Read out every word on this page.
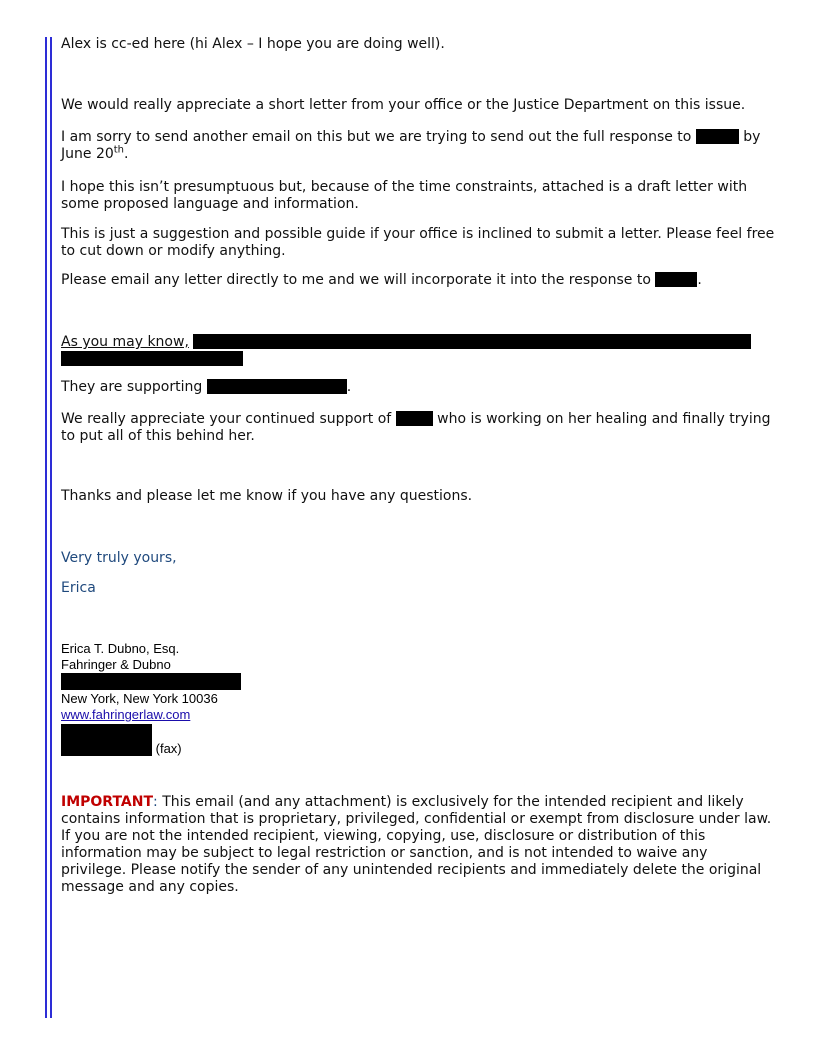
Alex is cc-ed here (hi Alex – I hope you are doing well).

We would really appreciate a short letter from your office or the Justice Department on this issue.

I am sorry to send another email on this but we are trying to send out the full response to	by
June 20th.

I hope this isn’t presumptuous but, because of the time constraints, attached is a draft letter with some proposed language and information.

This is just a suggestion and possible guide if your office is inclined to submit a letter. Please feel free to cut down or modify anything.

Please email any letter directly to me and we will incorporate it into the response to	.

As you may know,

They are supporting	.

We really appreciate your continued support of	who is working on her healing and finally trying to put all of this behind her.

Thanks and please let me know if you have any questions.

Very truly yours,

Erica

Erica T. Dubno, Esq.
Fahringer & Dubno
New York, New York 10036
www.fahringerlaw.com
(fax)

IMPORTANT: This email (and any attachment) is exclusively for the intended recipient and likely contains information that is proprietary, privileged, confidential or exempt from disclosure under law. If you are not the intended recipient, viewing, copying, use, disclosure or distribution of this information may be subject to legal restriction or sanction, and is not intended to waive any privilege. Please notify the sender of any unintended recipients and immediately delete the original message and any copies.
